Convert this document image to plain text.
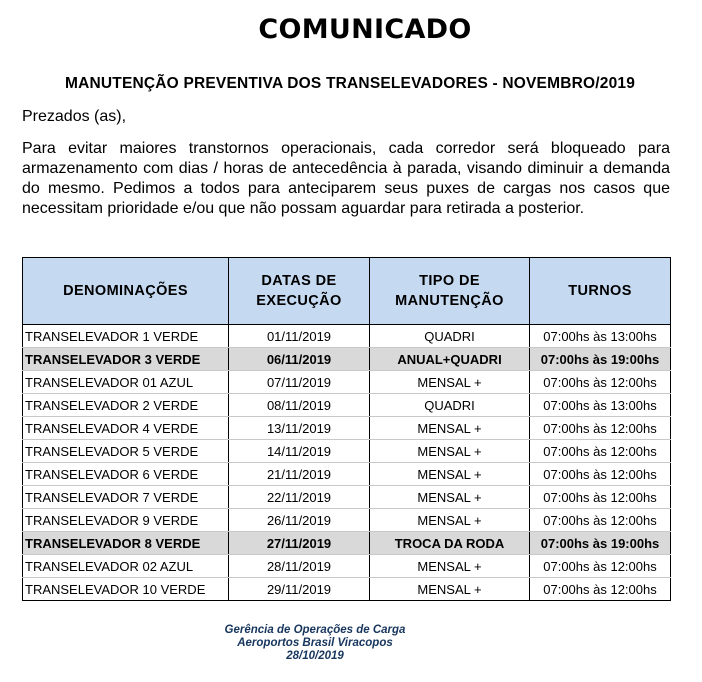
COMUNICADO
MANUTENÇÃO PREVENTIVA DOS TRANSELEVADORES - NOVEMBRO/2019
Prezados (as),
Para evitar maiores transtornos operacionais, cada corredor será bloqueado para armazenamento com dias / horas de antecedência à parada, visando diminuir a demanda do mesmo. Pedimos a todos para anteciparem seus puxes de cargas nos casos que necessitam prioridade e/ou que não possam aguardar para retirada a posterior.
DENOMINAÇÕES	DATAS DE EXECUÇÃO	TIPO DE MANUTENÇÃO	TURNOS
TRANSELEVADOR 1 VERDE	01/11/2019	QUADRI	07:00hs às 13:00hs
TRANSELEVADOR 3 VERDE	06/11/2019	ANUAL+QUADRI	07:00hs às 19:00hs
TRANSELEVADOR 01 AZUL	07/11/2019	MENSAL +	07:00hs às 12:00hs
TRANSELEVADOR 2 VERDE	08/11/2019	QUADRI	07:00hs às 13:00hs
TRANSELEVADOR 4 VERDE	13/11/2019	MENSAL +	07:00hs às 12:00hs
TRANSELEVADOR 5 VERDE	14/11/2019	MENSAL +	07:00hs às 12:00hs
TRANSELEVADOR 6 VERDE	21/11/2019	MENSAL +	07:00hs às 12:00hs
TRANSELEVADOR 7 VERDE	22/11/2019	MENSAL +	07:00hs às 12:00hs
TRANSELEVADOR 9 VERDE	26/11/2019	MENSAL +	07:00hs às 12:00hs
TRANSELEVADOR 8 VERDE	27/11/2019	TROCA DA RODA	07:00hs às 19:00hs
TRANSELEVADOR 02 AZUL	28/11/2019	MENSAL +	07:00hs às 12:00hs
TRANSELEVADOR 10 VERDE	29/11/2019	MENSAL +	07:00hs às 12:00hs
Gerência de Operações de Carga
Aeroportos Brasil Viracopos
28/10/2019
